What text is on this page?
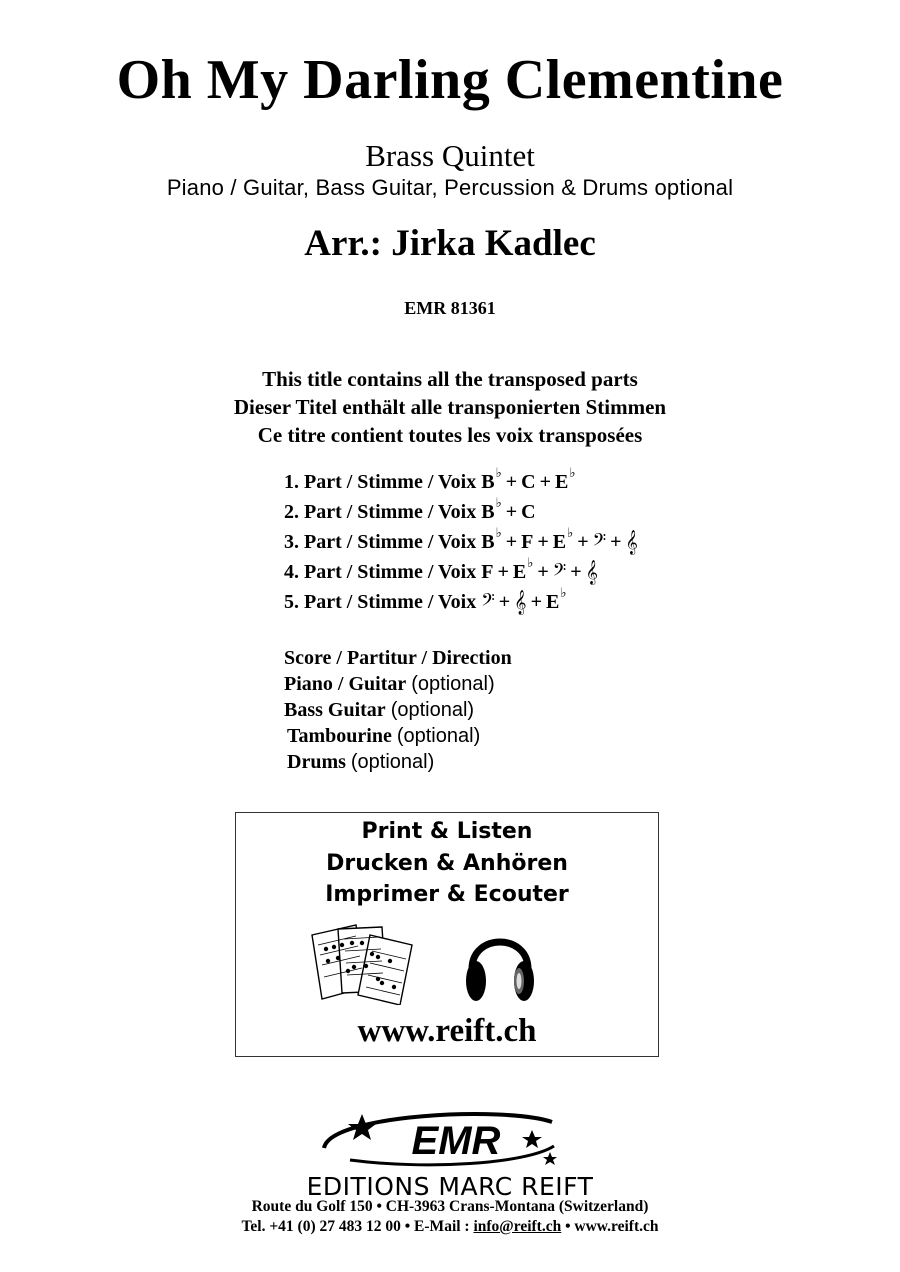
Oh My Darling Clementine
Brass Quintet
Piano / Guitar, Bass Guitar, Percussion & Drums optional
Arr.: Jirka Kadlec
EMR 81361
This title contains all the transposed parts
Dieser Titel enthält alle transponierten Stimmen
Ce titre contient toutes les voix transposées
1.
Part / Stimme / Voix
B ♭ + C + E ♭
2.
Part / Stimme / Voix
B ♭ + C
3.
Part / Stimme / Voix
B ♭ + F + E ♭ + 𝄢 + 𝄞
4.
Part / Stimme / Voix
F + E ♭ + 𝄢 + 𝄞
5.
Part / Stimme / Voix
𝄢 + 𝄞 + E ♭
Score / Partitur / Direction
Piano / Guitar (optional)
Bass Guitar (optional)
Tambourine (optional)
Drums (optional)
Print & Listen
Drucken & Anhören
Imprimer & Ecouter
www.reift.ch
EMR
EDITIONS MARC REIFT
Route du Golf 150 • CH-3963 Crans-Montana (Switzerland)
Tel. +41 (0) 27 483 12 00 • E-Mail : info@reift.ch • www.reift.ch
